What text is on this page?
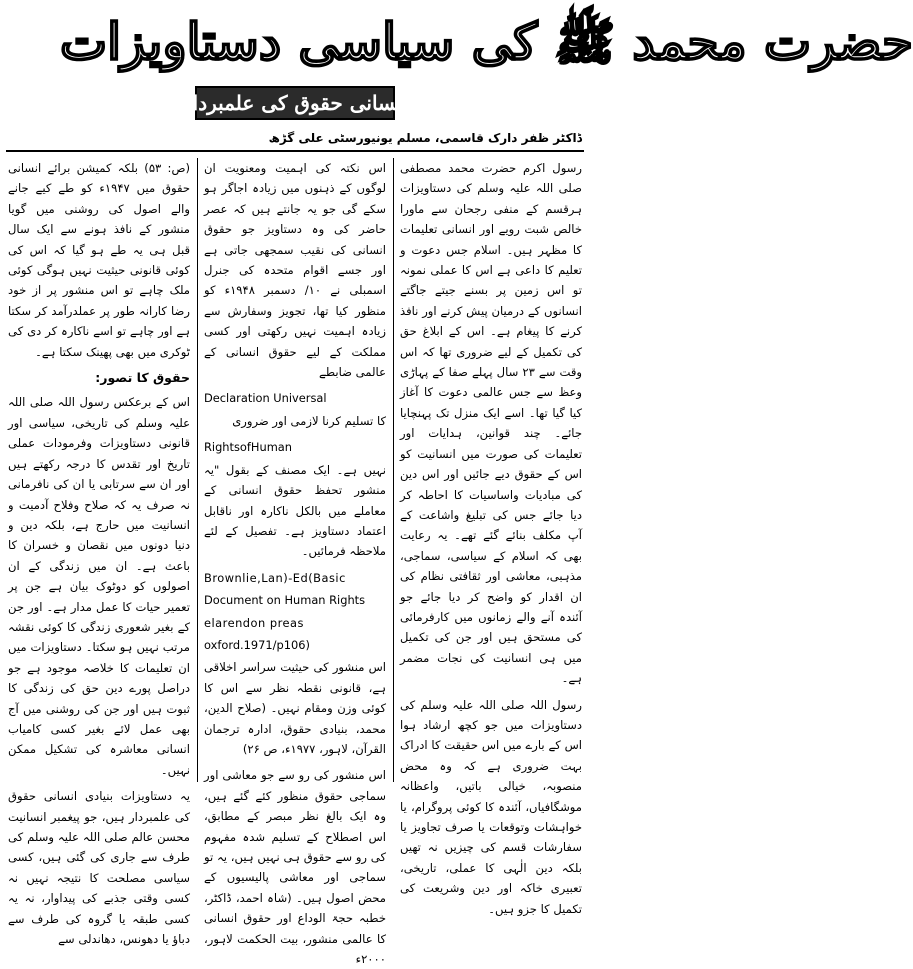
حضرت محمد ﷺ کی سیاسی دستاویزات
انسانی حقوق کی علمبردار
ڈاکٹر ظفر دارک قاسمی، مسلم یونیورسٹی علی گڑھ

رسول اکرم حضرت محمد مصطفی صلی اللہ علیہ وسلم کی دستاویزات ہرقسم کے منفی رجحان سے ماورا خالص شبت رویے اور انسانی تعلیمات کا مظہر ہیں۔ اسلام جس دعوت و تعلیم کا داعی ہے اس کا عملی نمونہ تو اس زمین پر بسنے جیتے جاگتے انسانوں کے درمیان پیش کرنے اور نافذ کرنے کا پیغام ہے۔ اس کے ابلاغ حق کی تکمیل کے لیے ضروری تھا کہ اس وقت سے ۲۳ سال پہلے صفا کے پہاڑی وعظ سے جس عالمی دعوت کا آغاز کیا گیا تھا۔ اسے ایک منزل تک پہنچایا جائے۔ چند قوانین، ہدایات اور تعلیمات کی صورت میں انسانیت کو اس کے حقوق دیے جائیں اور اس دین کی مبادیات واساسیات کا احاطہ کر دیا جائے جس کی تبلیغ واشاعت کے آپ مکلف بنائے گئے تھے۔ یہ رعایت بھی کہ اسلام کے سیاسی، سماجی، مذہبی، معاشی اور ثقافتی نظام کی ان اقدار کو واضح کر دیا جائے جو آئندہ آنے والے زمانوں میں کارفرمائی کی مستحق ہیں اور جن کی تکمیل میں ہی انسانیت کی نجات مضمر ہے۔

رسول اللہ صلی اللہ علیہ وسلم کی دستاویزات میں جو کچھ ارشاد ہوا اس کے بارے میں اس حقیقت کا ادراک بہت ضروری ہے کہ وہ محض منصوبہ، خیالی باتیں، واعظانہ موشگافیاں، آئندہ کا کوئی پروگرام، یا خواہشات وتوقعات یا صرف تجاویز یا سفارشات قسم کی چیزیں نہ تھیں بلکہ دین الٰہی کا عملی، تاریخی، تعبیری خاکہ اور دین وشریعت کی تکمیل کا جزو ہیں۔

اس نکتہ کی اہمیت ومعنویت ان لوگوں کے ذہنوں میں زیادہ اجاگر ہو سکے گی جو یہ جانتے ہیں کہ عصر حاضر کی وہ دستاویز جو حقوق انسانی کی نقیب سمجھی جاتی ہے اور جسے اقوام متحدہ کی جنرل اسمبلی نے ۱۰/ دسمبر ۱۹۴۸ء کو منظور کیا تھا، تجویز وسفارش سے زیادہ اہمیت نہیں رکھتی اور کسی مملکت کے لیے حقوق انسانی کے عالمی ضابطے

Declaration Universal

کا تسلیم کرنا لازمی اور ضروری

RightsofHuman

نہیں ہے۔ ایک مصنف کے بقول "یہ منشور تحفظ حقوق انسانی کے معاملے میں بالکل ناکارہ اور ناقابل اعتماد دستاویز ہے۔ تفصیل کے لئے ملاحظہ فرمائیں۔

Brownlie,Lan)-Ed(Basic
Document on Human Rights
elarendon preas
oxford.1971/p106)

اس منشور کی حیثیت سراسر اخلاقی ہے، قانونی نقطہ نظر سے اس کا کوئی وزن ومقام نہیں۔ (صلاح الدین، محمد، بنیادی حقوق، ادارہ ترجمان القرآن، لاہور، ۱۹۷۷ء، ص ۲۶)

اس منشور کی رو سے جو معاشی اور سماجی حقوق منظور کئے گئے ہیں، وہ ایک بالغ نظر مبصر کے مطابق، اس اصطلاح کے تسلیم شدہ مفہوم کی رو سے حقوق ہی نہیں ہیں، یہ تو سماجی اور معاشی پالیسیوں کے محض اصول ہیں۔ (شاہ احمد، ڈاکٹر، خطبہ حجۃ الوداع اور حقوق انسانی کا عالمی منشور، بیت الحکمت لاہور، ۲۰۰۰ء

(ص: ۵۳) بلکہ کمیشن برائے انسانی حقوق میں ۱۹۴۷ء کو طے کیے جانے والے اصول کی روشنی میں گویا منشور کے نافذ ہونے سے ایک سال قبل ہی یہ طے ہو گیا کہ اس کی کوئی قانونی حیثیت نہیں ہوگی کوئی ملک چاہے تو اس منشور پر از خود رضا کارانہ طور پر عملدرآمد کر سکتا ہے اور چاہے تو اسے ناکارہ کر دی کی ٹوکری میں بھی پھینک سکتا ہے۔

حقوق کا تصور:

اس کے برعکس رسول اللہ صلی اللہ علیہ وسلم کی تاریخی، سیاسی اور قانونی دستاویزات وفرمودات عملی تاریخ اور تقدس کا درجہ رکھتے ہیں اور ان سے سرتابی یا ان کی نافرمانی نہ صرف یہ کہ صلاح وفلاح آدمیت و انسانیت میں حارج ہے، بلکہ دین و دنیا دونوں میں نقصان و خسران کا باعث ہے۔ ان میں زندگی کے ان اصولوں کو دوٹوک بیان ہے جن پر تعمیر حیات کا عمل مدار ہے۔ اور جن کے بغیر شعوری زندگی کا کوئی نقشہ مرتب نہیں ہو سکتا۔ دستاویزات میں ان تعلیمات کا خلاصہ موجود ہے جو دراصل پورے دین حق کی زندگی کا ثبوت ہیں اور جن کی روشنی میں آج بھی عمل لائے بغیر کسی کامیاب انسانی معاشرہ کی تشکیل ممکن نہیں۔

یہ دستاویزات بنیادی انسانی حقوق کی علمبردار ہیں، جو پیغمبر انسانیت محسن عالم صلی اللہ علیہ وسلم کی طرف سے جاری کی گئی ہیں، کسی سیاسی مصلحت کا نتیجہ نہیں نہ کسی وقتی جذبے کی پیداوار، نہ یہ کسی طبقہ یا گروہ کی طرف سے دباؤ یا دھونس، دھاندلی سے
